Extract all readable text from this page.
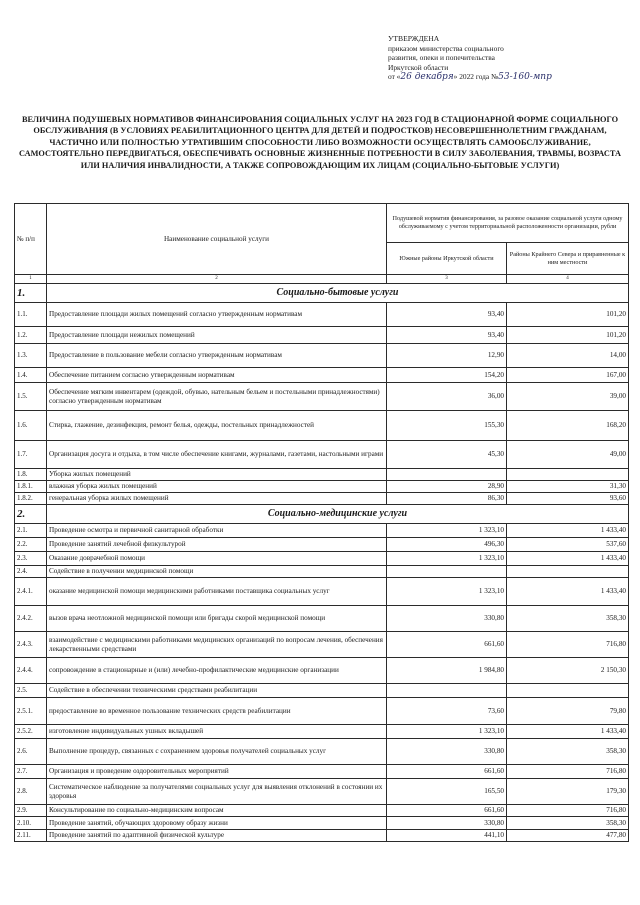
УТВЕРЖДЕНА
приказом министерства социального
развития, опеки и попечительства
Иркутской области
от «26 декабря» 2022 года №53-160-мпр
ВЕЛИЧИНА ПОДУШЕВЫХ НОРМАТИВОВ ФИНАНСИРОВАНИЯ СОЦИАЛЬНЫХ УСЛУГ НА 2023 ГОД В СТАЦИОНАРНОЙ ФОРМЕ СОЦИАЛЬНОГО ОБСЛУЖИВАНИЯ (В УСЛОВИЯХ РЕАБИЛИТАЦИОННОГО ЦЕНТРА ДЛЯ ДЕТЕЙ И ПОДРОСТКОВ) НЕСОВЕРШЕННОЛЕТНИМ ГРАЖДАНАМ, ЧАСТИЧНО ИЛИ ПОЛНОСТЬЮ УТРАТИВШИМ СПОСОБНОСТИ ЛИБО ВОЗМОЖНОСТИ ОСУЩЕСТВЛЯТЬ САМООБСЛУЖИВАНИЕ, САМОСТОЯТЕЛЬНО ПЕРЕДВИГАТЬСЯ, ОБЕСПЕЧИВАТЬ ОСНОВНЫЕ ЖИЗНЕННЫЕ ПОТРЕБНОСТИ В СИЛУ ЗАБОЛЕВАНИЯ, ТРАВМЫ, ВОЗРАСТА ИЛИ НАЛИЧИЯ ИНВАЛИДНОСТИ, А ТАКЖЕ СОПРОВОЖДАЮЩИМ ИХ ЛИЦАМ (СОЦИАЛЬНО-БЫТОВЫЕ УСЛУГИ)
№ п/п	Наименование социальной услуги	Подушевой норматив финансирования, за разовое оказание социальной услуги одному обслуживаемому с учетом территориальной расположенности организации, рубли	
		Южные районы Иркутской области	Районы Крайнего Севера и приравненные к ним местности
1	2	3	4
1.	Социально-бытовые услуги		
1.1.	Предоставление площади жилых помещений согласно утвержденным нормативам	93,40	101,20
1.2.	Предоставление площади нежилых помещений	93,40	101,20
1.3.	Предоставление в пользование мебели согласно утвержденным нормативам	12,90	14,00
1.4.	Обеспечение питанием согласно утвержденным нормативам	154,20	167,00
1.5.	Обеспечение мягким инвентарем (одеждой, обувью, нательным бельем и постельными принадлежностями) согласно утвержденным нормативам	36,00	39,00
1.6.	Стирка, глажение, дезинфекция, ремонт белья, одежды, постельных принадлежностей	155,30	168,20
1.7.	Организация досуга и отдыха, в том числе обеспечение книгами, журналами, газетами, настольными играми	45,30	49,00
1.8.	Уборка жилых помещений		
1.8.1.	влажная уборка жилых помещений	28,90	31,30
1.8.2.	генеральная уборка жилых помещений	86,30	93,60
2.	Социально-медицинские услуги		
2.1.	Проведение осмотра и первичной санитарной обработки	1 323,10	1 433,40
2.2.	Проведение занятий лечебной физкультурой	496,30	537,60
2.3.	Оказание доврачебной помощи	1 323,10	1 433,40
2.4.	Содействие в получении медицинской помощи		
2.4.1.	оказание медицинской помощи медицинскими работниками поставщика социальных услуг	1 323,10	1 433,40
2.4.2.	вызов врача неотложной медицинской помощи или бригады скорой медицинской помощи	330,80	358,30
2.4.3.	взаимодействие с медицинскими работниками медицинских организаций по вопросам лечения, обеспечения лекарственными средствами	661,60	716,80
2.4.4.	сопровождение в стационарные и (или) лечебно-профилактические медицинские организации	1 984,80	2 150,30
2.5.	Содействие в обеспечении техническими средствами реабилитации		
2.5.1.	предоставление во временное пользование технических средств реабилитации	73,60	79,80
2.5.2.	изготовление индивидуальных ушных вкладышей	1 323,10	1 433,40
2.6.	Выполнение процедур, связанных с сохранением здоровья получателей социальных услуг	330,80	358,30
2.7.	Организация и проведение оздоровительных мероприятий	661,60	716,80
2.8.	Систематическое наблюдение за получателями социальных услуг для выявления отклонений в состоянии их здоровья	165,50	179,30
2.9.	Консультирование по социально-медицинским вопросам	661,60	716,80
2.10.	Проведение занятий, обучающих здоровому образу жизни	330,80	358,30
2.11.	Проведение занятий по адаптивной физической культуре	441,10	477,80
